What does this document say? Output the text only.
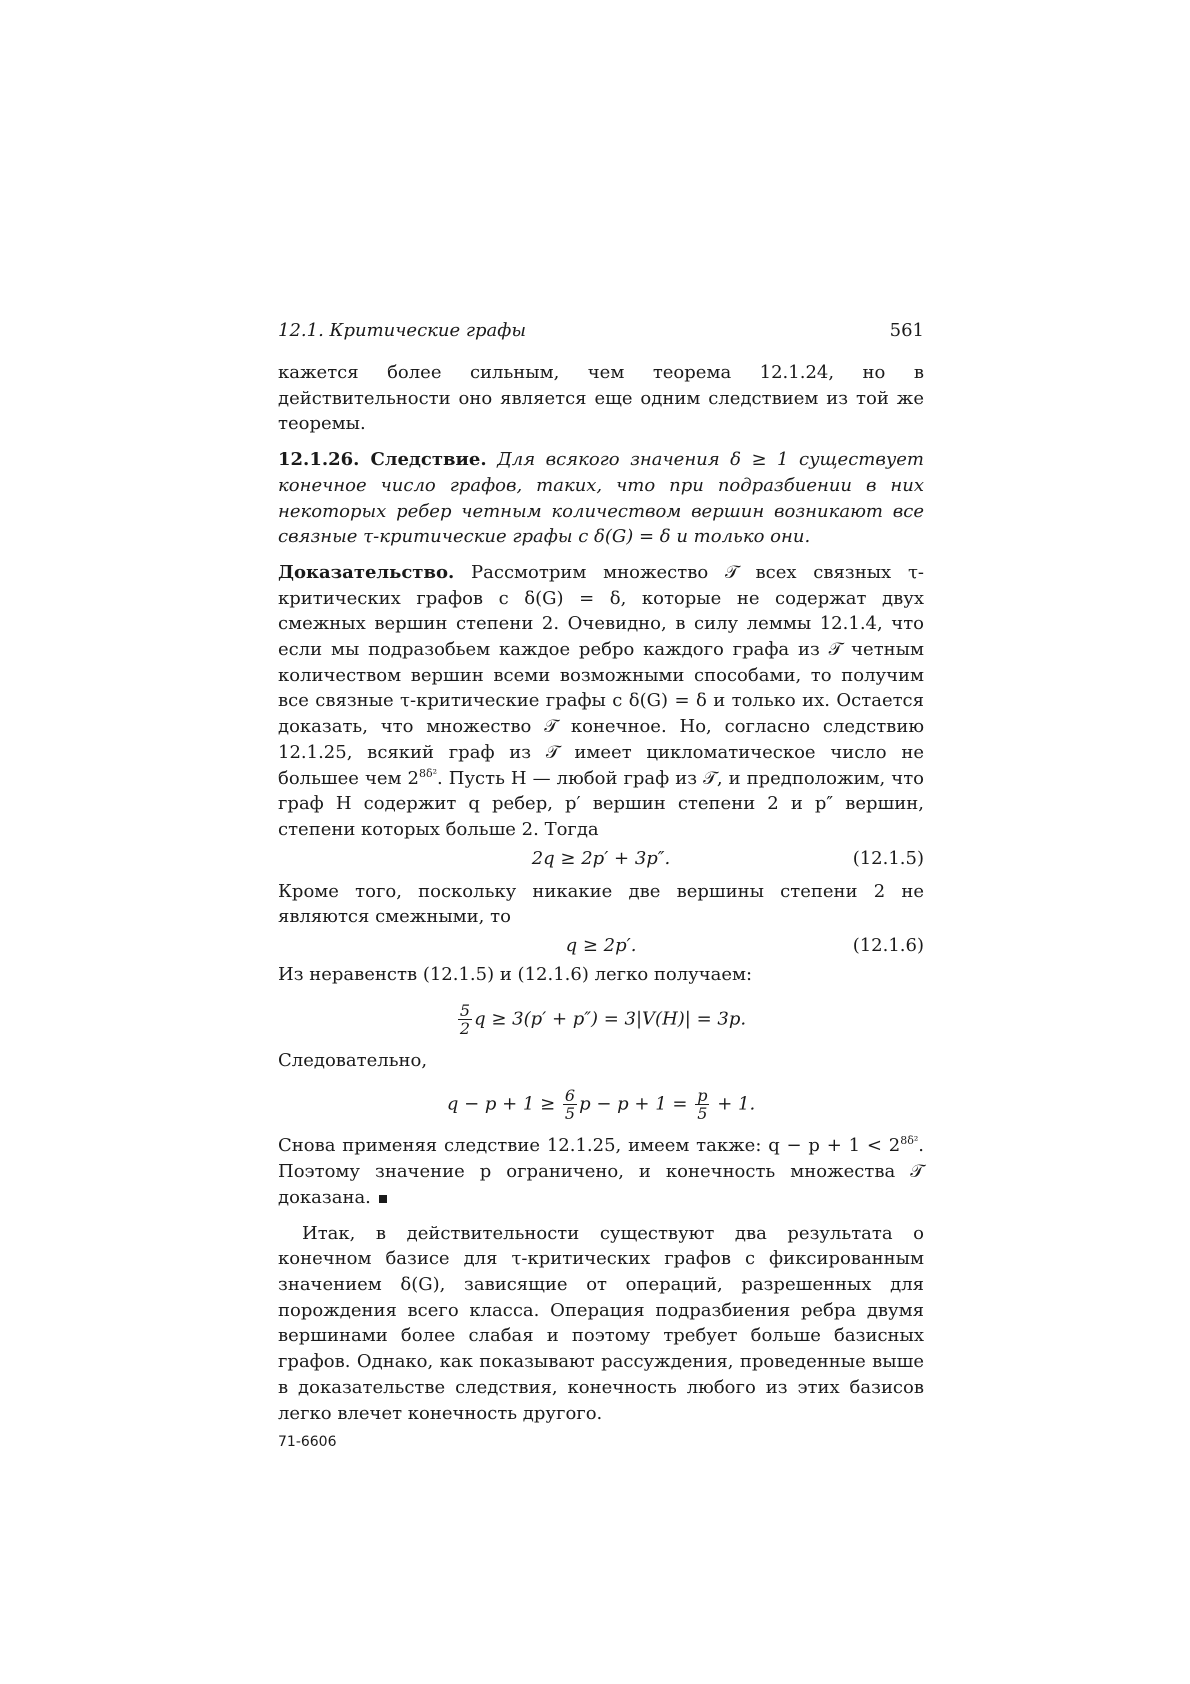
12.1. Критические графы	561

кажется более сильным, чем теорема 12.1.24, но в действительности оно является еще одним следствием из той же теоремы.

12.1.26. Следствие. Для всякого значения δ ≥ 1 существует конечное число графов, таких, что при подразбиении в них некоторых ребер четным количеством вершин возникают все связные τ-критические графы с δ(G) = δ и только они.

Доказательство. Рассмотрим множество 𝒯 всех связных τ-критических графов с δ(G) = δ, которые не содержат двух смежных вершин степени 2. Очевидно, в силу леммы 12.1.4, что если мы подразобьем каждое ребро каждого графа из 𝒯 четным количеством вершин всеми возможными способами, то получим все связные τ-критические графы с δ(G) = δ и только их. Остается доказать, что множество 𝒯 конечное. Но, согласно следствию 12.1.25, всякий граф из 𝒯 имеет цикломатическое число не большее чем $2^{8\delta^2}$. Пусть H — любой граф из 𝒯, и предположим, что граф H содержит q ребер, p′ вершин степени 2 и p″ вершин, степени которых больше 2. Тогда

2q ≥ 2p′ + 3p″.	(12.1.5)

Кроме того, поскольку никакие две вершины степени 2 не являются смежными, то

q ≥ 2p′.	(12.1.6)

Из неравенств (12.1.5) и (12.1.6) легко получаем:

$\frac{5}{2}$ q ≥ 3(p′ + p″) = 3|V(H)| = 3p.

Следовательно,

$q - p + 1 \ge \frac{6}{5}$ $p - p + 1 = \frac{p}{5} + 1$.

Снова применяя следствие 12.1.25, имеем также: $q - p + 1 < 2^{8\delta^2}$. Поэтому значение p ограничено, и конечность множества 𝒯 доказана.

Итак, в действительности существуют два результата о конечном базисе для τ-критических графов с фиксированным значением δ(G), зависящие от операций, разрешенных для порождения всего класса. Операция подразбиения ребра двумя вершинами более слабая и поэтому требует больше базисных графов. Однако, как показывают рассуждения, проведенные выше в доказательстве следствия, конечность любого из этих базисов легко влечет конечность другого.

71-6606
